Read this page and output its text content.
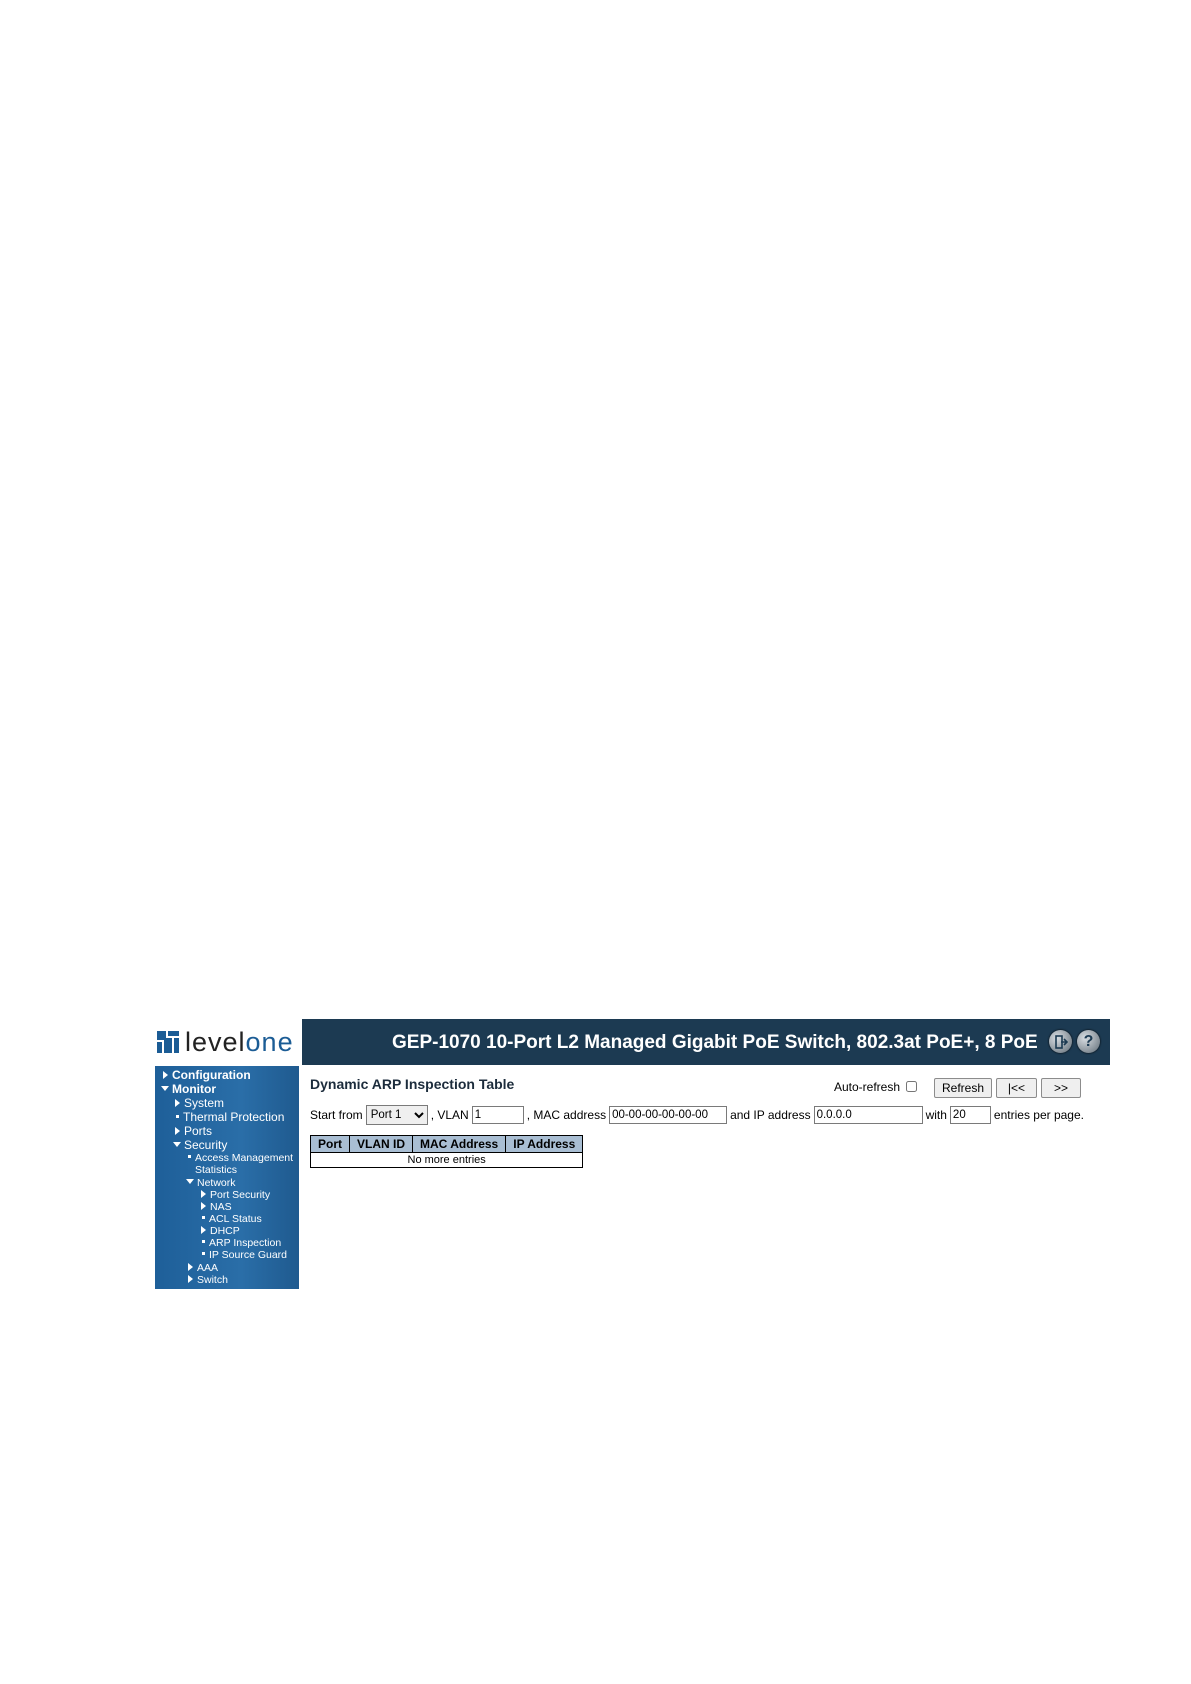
levelone	GEP-1070 10-Port L2 Managed Gigabit PoE Switch, 802.3at PoE+, 8 PoE	?
Configuration
Monitor
System
Thermal Protection
Ports
Security
Access Management
Statistics
Network
Port Security
NAS
ACL Status
DHCP
ARP Inspection
IP Source Guard
AAA
Switch
Dynamic ARP Inspection Table	Auto-refresh	Refresh	|<<	>>
Start from
Port 1	, VLAN
1	, MAC address
00-00-00-00-00-00	and IP address
0.0.0.0	with
20	entries per page.
Port	VLAN ID	MAC Address	IP Address
No more entries
